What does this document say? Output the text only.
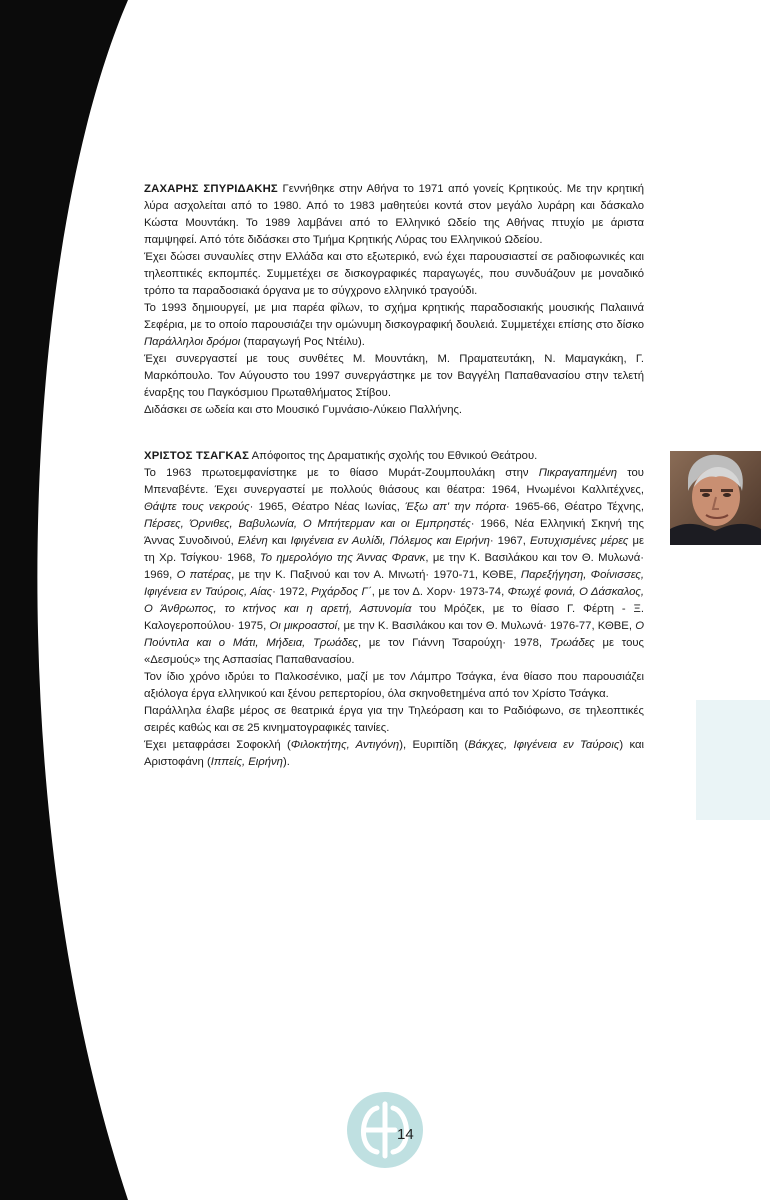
ΖΑΧΑΡΗΣ ΣΠΥΡΙΔΑΚΗΣ Γεννήθηκε στην Αθήνα το 1971 από γονείς Κρητικούς. Με την κρητική λύρα ασχολείται από το 1980. Από το 1983 μαθητεύει κοντά στον μεγάλο λυράρη και δάσκαλο Κώστα Μουντάκη. Το 1989 λαμβάνει από το Ελληνικό Ωδείο της Αθήνας πτυχίο με άριστα παμψηφεί. Από τότε διδάσκει στο Τμήμα Κρητικής Λύρας του Ελληνικού Ωδείου.

Έχει δώσει συναυλίες στην Ελλάδα και στο εξωτερικό, ενώ έχει παρουσιαστεί σε ραδιοφωνικές και τηλεοπτικές εκπομπές. Συμμετέχει σε δισκογραφικές παραγωγές, που συνδυάζουν με μοναδικό τρόπο τα παραδοσιακά όργανα με το σύγχρονο ελληνικό τραγούδι.

Το 1993 δημιουργεί, με μια παρέα φίλων, το σχήμα κρητικής παραδοσιακής μουσικής Παλαιινά Σεφέρια, με το οποίο παρουσιάζει την ομώνυμη δισκογραφική δουλειά. Συμμετέχει επίσης στο δίσκο Παράλληλοι δρόμοι (παραγωγή Ρος Ντέιλυ).

Έχει συνεργαστεί με τους συνθέτες Μ. Μουντάκη, Μ. Πραματευτάκη, Ν. Μαμαγκάκη, Γ. Μαρκόπουλο. Τον Αύγουστο του 1997 συνεργάστηκε με τον Βαγγέλη Παπαθανασίου στην τελετή έναρξης του Παγκόσμιου Πρωταθλήματος Στίβου.

Διδάσκει σε ωδεία και στο Μουσικό Γυμνάσιο-Λύκειο Παλλήνης.

ΧΡΙΣΤΟΣ ΤΣΑΓΚΑΣ Απόφοιτος της Δραματικής σχολής του Εθνικού Θεάτρου.

Το 1963 πρωτοεμφανίστηκε με το θίασο Μυράτ-Ζουμπουλάκη στην Πικραγαπημένη του Μπεναβέντε. Έχει συνεργαστεί με πολλούς θιάσους και θέατρα: 1964, Ηνωμένοι Καλλιτέχνες, Θάψτε τους νεκρούς· 1965, Θέατρο Νέας Ιωνίας, Έξω απ' την πόρτα· 1965-66, Θέατρο Τέχνης, Πέρσες, Όρνιθες, Βαβυλωνία, Ο Μπήτερμαν και οι Εμπρηστές· 1966, Νέα Ελληνική Σκηνή της Άννας Συνοδινού, Ελένη και Ιφιγένεια εν Αυλίδι, Πόλεμος και Ειρήνη· 1967, Ευτυχισμένες μέρες με τη Χρ. Τσίγκου· 1968, Το ημερολόγιο της Άννας Φρανκ, με την Κ. Βασιλάκου και τον Θ. Μυλωνά· 1969, Ο πατέρας, με την Κ. Παξινού και τον Α. Μινωτή· 1970-71, ΚΘΒΕ, Παρεξήγηση, Φοίνισσες, Ιφιγένεια εν Ταύροις, Αίας· 1972, Ριχάρδος Γ΄, με τον Δ. Χορν· 1973-74, Φτωχέ φονιά, Ο Δάσκαλος, Ο Άνθρωπος, το κτήνος και η αρετή, Αστυνομία του Μρόζεκ, με το θίασο Γ. Φέρτη - Ξ. Καλογεροπούλου· 1975, Οι μικροαστοί, με την Κ. Βασιλάκου και τον Θ. Μυλωνά· 1976-77, ΚΘΒΕ, Ο Πούντιλα και ο Μάτι, Μήδεια, Τρωάδες, με τον Γιάννη Τσαρούχη· 1978, Τρωάδες με τους «Δεσμούς» της Ασπασίας Παπαθανασίου.

Τον ίδιο χρόνο ιδρύει το Παλκοσένικο, μαζί με τον Λάμπρο Τσάγκα, ένα θίασο που παρουσιάζει αξιόλογα έργα ελληνικού και ξένου ρεπερτορίου, όλα σκηνοθετημένα από τον Χρίστο Τσάγκα.

Παράλληλα έλαβε μέρος σε θεατρικά έργα για την Τηλεόραση και το Ραδιόφωνο, σε τηλεοπτικές σειρές καθώς και σε 25 κινηματογραφικές ταινίες.

Έχει μεταφράσει Σοφοκλή (Φιλοκτήτης, Αντιγόνη), Ευριπίδη (Βάκχες, Ιφιγένεια εν Ταύροις) και Αριστοφάνη (Ιππείς, Ειρήνη).

14
